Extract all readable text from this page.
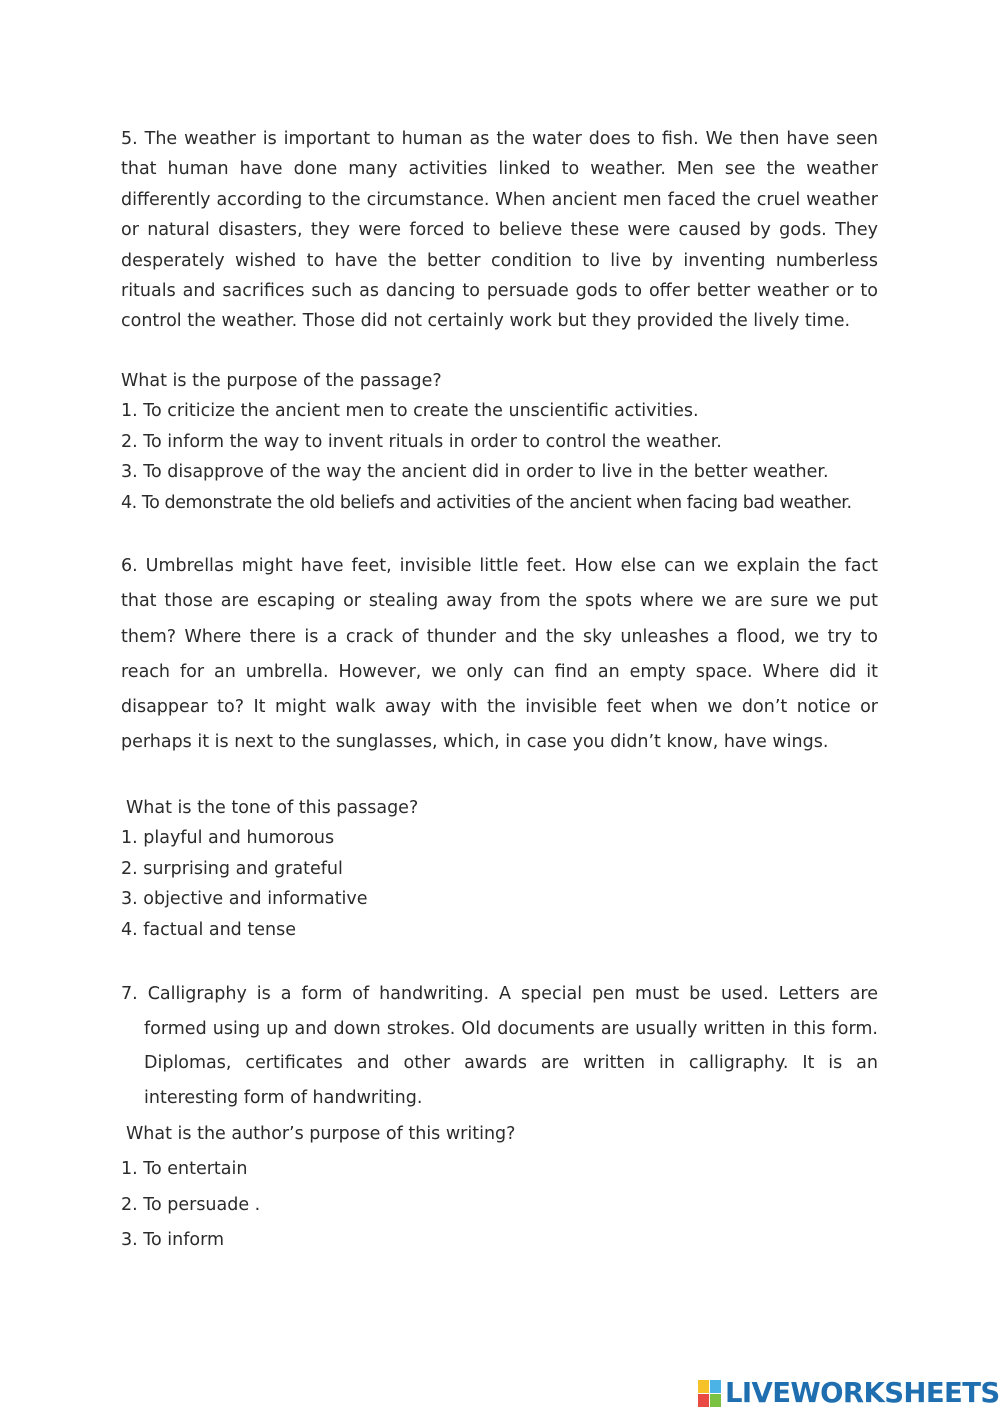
5. The weather is important to human as the water does to fish. We then have seen that human have done many activities linked to weather. Men see the weather differently according to the circumstance. When ancient men faced the cruel weather or natural disasters, they were forced to believe these were caused by gods. They desperately wished to have the better condition to live by inventing numberless rituals and sacrifices such as dancing to persuade gods to offer better weather or to control the weather. Those did not certainly work but they provided the lively time.

What is the purpose of the passage?
1. To criticize the ancient men to create the unscientific activities.
2. To inform the way to invent rituals in order to control the weather.
3. To disapprove of the way the ancient did in order to live in the better weather.
4. To demonstrate the old beliefs and activities of the ancient when facing bad weather.

6. Umbrellas might have feet, invisible little feet. How else can we explain the fact that those are escaping or stealing away from the spots where we are sure we put them? Where there is a crack of thunder and the sky unleashes a flood, we try to reach for an umbrella. However, we only can find an empty space. Where did it disappear to? It might walk away with the invisible feet when we don’t notice or perhaps it is next to the sunglasses, which, in case you didn’t know, have wings.

What is the tone of this passage?
1. playful and humorous
2. surprising and grateful
3. objective and informative
4. factual and tense

7. Calligraphy is a form of handwriting. A special pen must be used. Letters are formed using up and down strokes. Old documents are usually written in this form. Diplomas, certificates and other awards are written in calligraphy. It is an interesting form of handwriting.

What is the author’s purpose of this writing?
1. To entertain
2. To persuade .
3. To inform
LIVEWORKSHEETS
